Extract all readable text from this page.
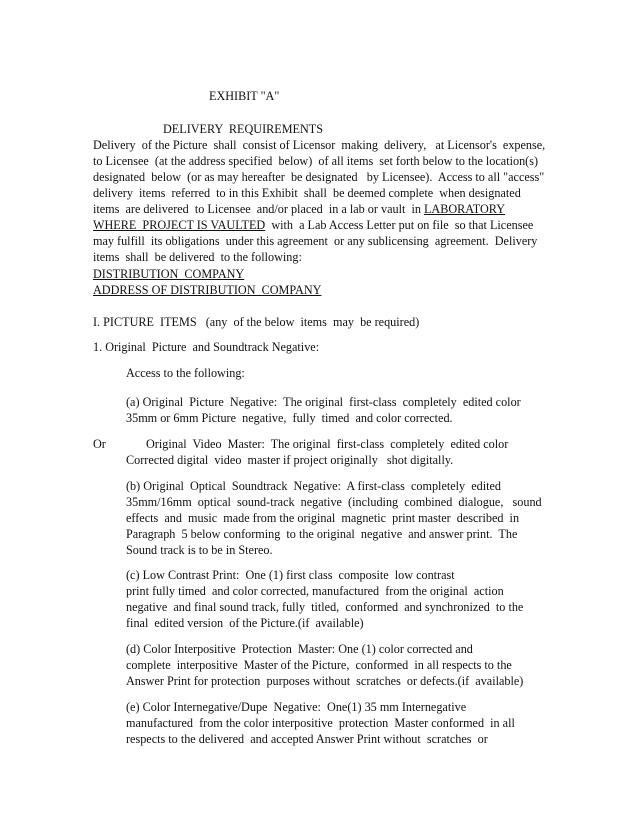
EXHIBIT "A"
DELIVERY  REQUIREMENTS
Delivery  of the Picture  shall  consist of Licensor  making  delivery,   at Licensor's  expense,
to Licensee  (at the address specified  below)  of all items  set forth below to the location(s)
designated  below  (or as may hereafter  be designated   by Licensee).  Access to all "access"
delivery  items  referred  to in this Exhibit  shall  be deemed complete  when designated
items  are delivered  to Licensee  and/or placed  in a lab or vault  in LABORATORY
WHERE  PROJECT IS VAULTED  with  a Lab Access Letter put on file  so that Licensee
may fulfill  its obligations  under this agreement  or any sublicensing  agreement.  Delivery
items  shall  be delivered  to the following:
DISTRIBUTION  COMPANY
ADDRESS OF DISTRIBUTION  COMPANY
I. PICTURE  ITEMS   (any  of the below  items  may  be required)
1. Original  Picture  and Soundtrack Negative:
Access to the following:
(a) Original  Picture  Negative:  The original  first-class  completely  edited color
35mm or 6mm Picture  negative,  fully  timed  and color corrected.
Or	Original  Video  Master:  The original  first-class  completely  edited color
Corrected digital  video  master if project originally   shot digitally.
(b) Original  Optical  Soundtrack  Negative:  A first-class  completely  edited
35mm/16mm  optical  sound-track  negative  (including  combined  dialogue,   sound
effects  and  music  made from the original  magnetic  print master  described  in
Paragraph  5 below conforming  to the original  negative  and answer print.  The
Sound track is to be in Stereo.
(c) Low Contrast Print:  One (1) first class  composite  low contrast
print fully timed  and color corrected, manufactured  from the original  action
negative  and final sound track, fully  titled,  conformed  and synchronized  to the
final  edited version  of the Picture.(if  available)
(d) Color Interpositive  Protection  Master: One (1) color corrected and
complete  interpositive  Master of the Picture,  conformed  in all respects to the
Answer Print for protection  purposes without  scratches  or defects.(if  available)
(e) Color Internegative/Dupe  Negative:  One(1) 35 mm Internegative
manufactured  from the color interpositive  protection  Master conformed  in all
respects to the delivered  and accepted Answer Print without  scratches  or
